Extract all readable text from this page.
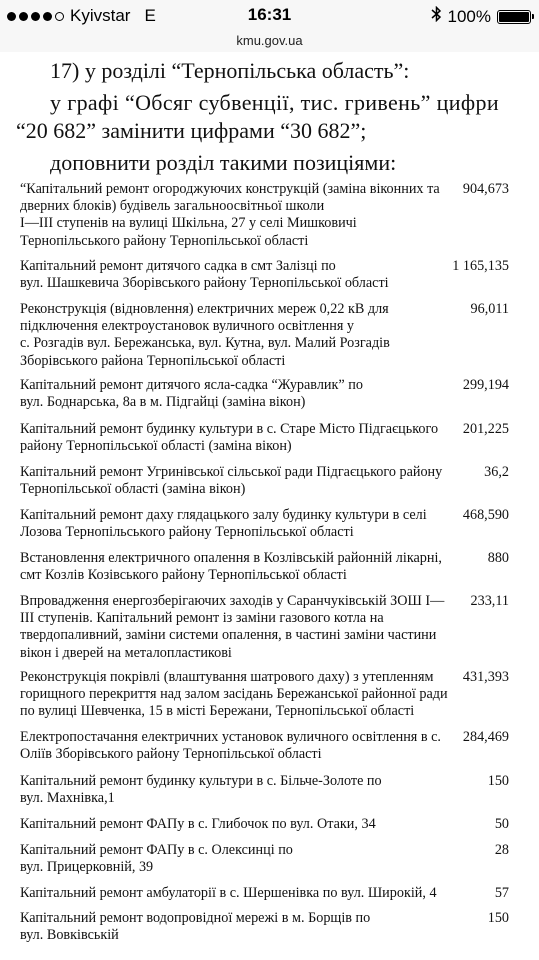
Kyivstar E	16:31	100%
kmu.gov.ua
17) у розділі “Тернопільська область”:
у графі “Обсяг субвенції, тис. гривень” цифри
“20 682” замінити цифрами “30 682”;
доповнити розділ такими позиціями:
“Капітальний ремонт огороджуючих конструкцій (заміна віконних та
дверних блоків) будівель загальноосвітньої школи
І—ІІІ ступенів на вулиці Шкільна, 27 у селі Мишковичі
Тернопільського району Тернопільської області
904,673
Капітальний ремонт дитячого садка в смт Залізці по
вул. Шашкевича Зборівського району Тернопільської області
1 165,135
Реконструкція (відновлення) електричних мереж 0,22 кВ для
підключення електроустановок вуличного освітлення у
с. Розгадів вул. Бережанська, вул. Кутна, вул. Малий Розгадів
Зборівського района Тернопільської області
96,011
Капітальний ремонт дитячого ясла-садка “Журавлик” по
вул. Боднарська, 8а в м. Підгайці (заміна вікон)
299,194
Капітальний ремонт будинку культури в с. Старе Місто Підгаєцького
району Тернопільської області (заміна вікон)
201,225
Капітальний ремонт Угринівської сільської ради Підгаєцького району
Тернопільської області (заміна вікон)
36,2
Капітальний ремонт даху глядацького залу будинку культури в селі
Лозова Тернопільського району Тернопільської області
468,590
Встановлення електричного опалення в Козлівській районній лікарні,
смт Козлів Козівського району Тернопільської області
880
Впровадження енергозберігаючих заходів у Саранчуківській ЗОШ І—
ІІІ ступенів. Капітальний ремонт із заміни газового котла на
твердопаливний, заміни системи опалення, в частині заміни частини
вікон і дверей на металопластикові
233,11
Реконструкція покрівлі (влаштування шатрового даху) з утепленням
горищного перекриття над залом засідань Бережанської районної ради
по вулиці Шевченка, 15 в місті Бережани, Тернопільської області
431,393
Електропостачання електричних установок вуличного освітлення в с.
Оліїв Зборівського району Тернопільської області
284,469
Капітальний ремонт будинку культури в с. Більче-Золоте по
вул. Махнівка,1
150
Капітальний ремонт ФАПу в с. Глибочок по вул. Отаки, 34	50
Капітальний ремонт ФАПу в с. Олексинці по
вул. Прицерковній, 39
28
Капітальний ремонт амбулаторії в с. Шершенівка по вул. Широкій, 4	57
Капітальний ремонт водопровідної мережі в м. Борщів по
вул. Вовківській
150
